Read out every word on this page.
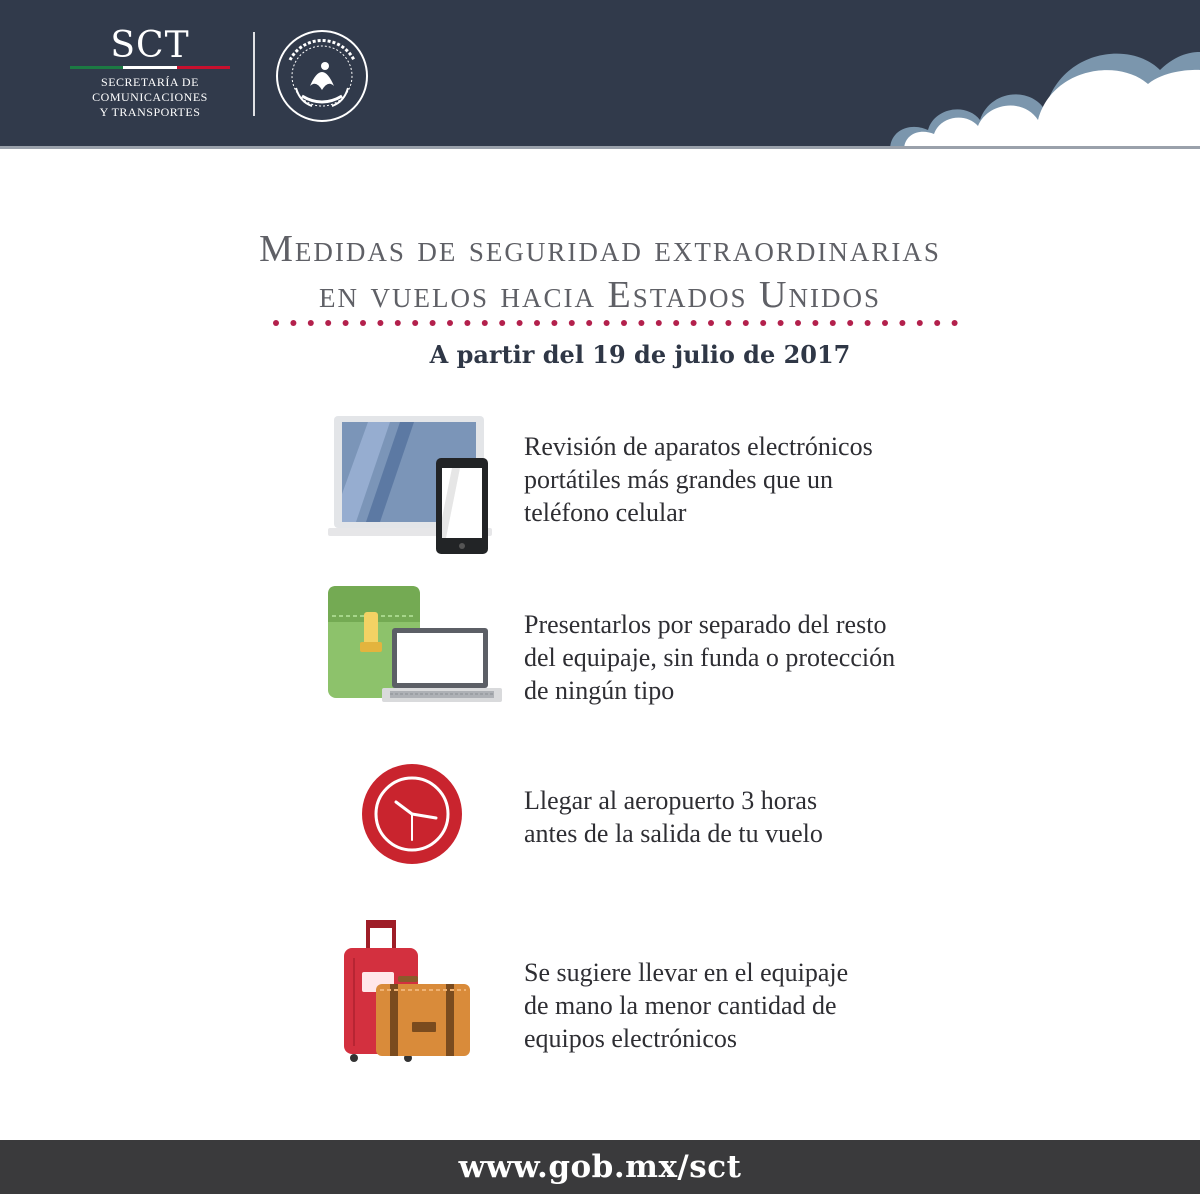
SCT
SECRETARÍA DE
COMUNICACIONES
Y TRANSPORTES
Medidas de seguridad extraordinarias
en vuelos hacia Estados Unidos
A partir del 19 de julio de 2017
Revisión de aparatos electrónicos
portátiles más grandes que un
teléfono celular
Presentarlos por separado del resto
del equipaje, sin funda o protección
de ningún tipo
Llegar al aeropuerto 3 horas
antes de la salida de tu vuelo
Se sugiere llevar en el equipaje
de mano la menor cantidad de
equipos electrónicos
www.gob.mx/sct
